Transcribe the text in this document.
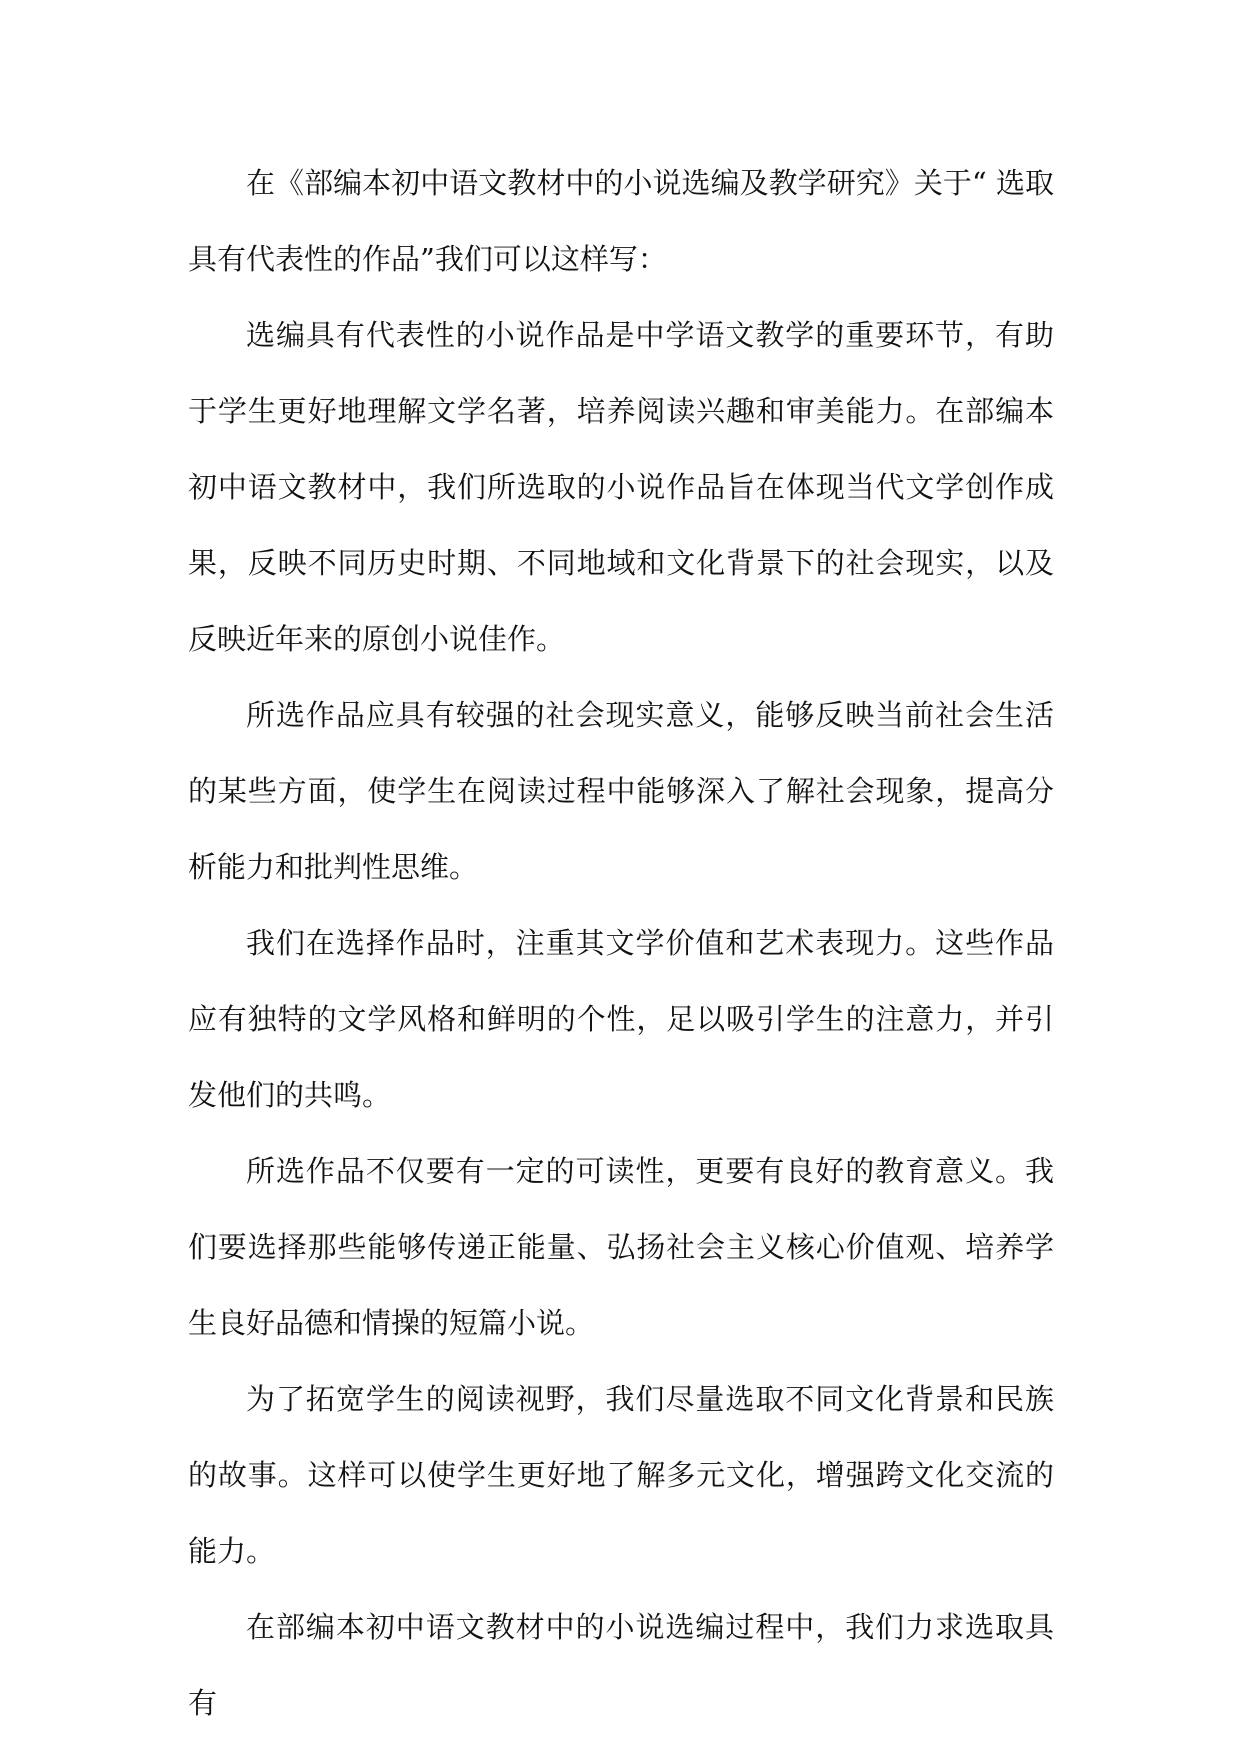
在《部编本初中语文教材中的小说选编及教学研究》关于“ 选取具有代表性的作品”我们可以这样写：

选编具有代表性的小说作品是中学语文教学的重要环节，有助于学生更好地理解文学名著，培养阅读兴趣和审美能力。在部编本初中语文教材中，我们所选取的小说作品旨在体现当代文学创作成果，反映不同历史时期、不同地域和文化背景下的社会现实，以及反映近年来的原创小说佳作。

所选作品应具有较强的社会现实意义，能够反映当前社会生活的某些方面，使学生在阅读过程中能够深入了解社会现象，提高分析能力和批判性思维。

我们在选择作品时，注重其文学价值和艺术表现力。这些作品应有独特的文学风格和鲜明的个性，足以吸引学生的注意力，并引发他们的共鸣。

所选作品不仅要有一定的可读性，更要有良好的教育意义。我们要选择那些能够传递正能量、弘扬社会主义核心价值观、培养学生良好品德和情操的短篇小说。

为了拓宽学生的阅读视野，我们尽量选取不同文化背景和民族的故事。这样可以使学生更好地了解多元文化，增强跨文化交流的能力。

在部编本初中语文教材中的小说选编过程中，我们力求选取具有
